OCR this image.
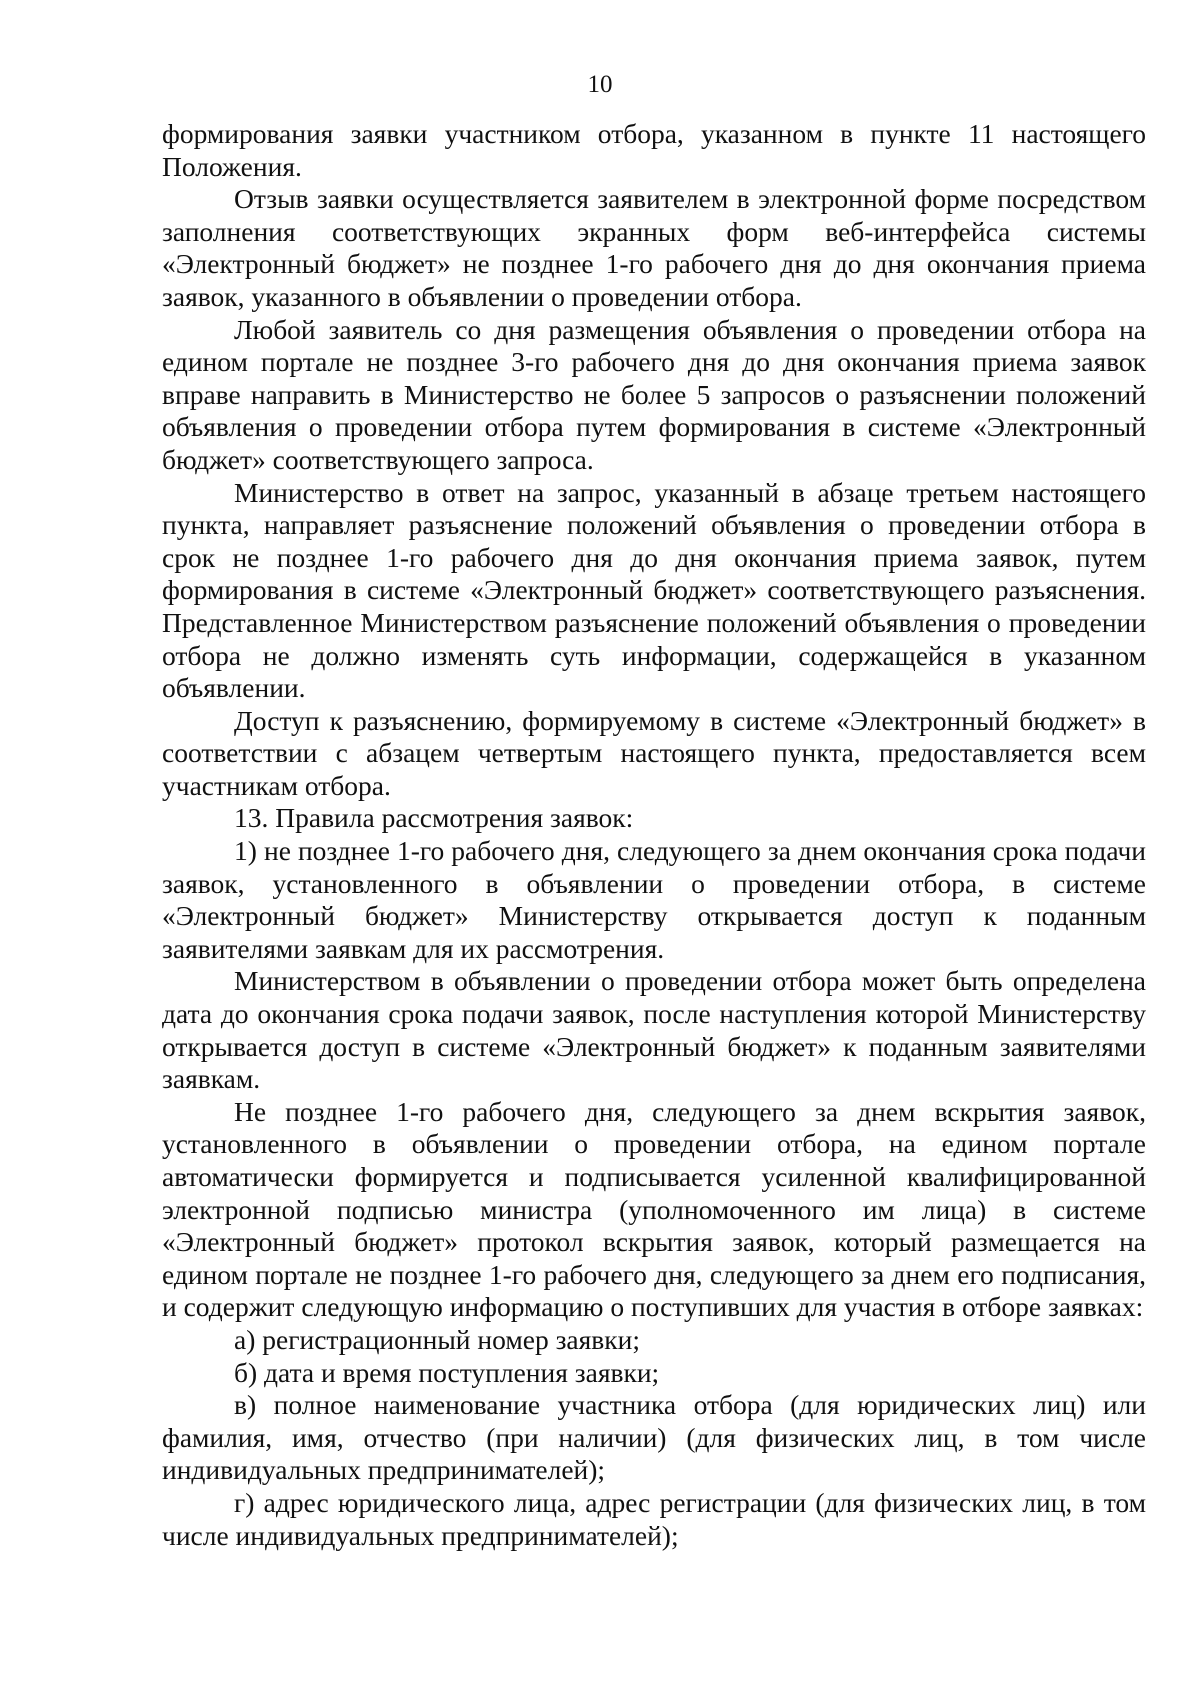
10

формирования заявки участником отбора, указанном в пункте 11 настоящего Положения.

Отзыв заявки осуществляется заявителем в электронной форме посредством заполнения соответствующих экранных форм веб-интерфейса системы «Электронный бюджет» не позднее 1-го рабочего дня до дня окончания приема заявок, указанного в объявлении о проведении отбора.

Любой заявитель со дня размещения объявления о проведении отбора на едином портале не позднее 3-го рабочего дня до дня окончания приема заявок вправе направить в Министерство не более 5 запросов о разъяснении положений объявления о проведении отбора путем формирования в системе «Электронный бюджет» соответствующего запроса.

Министерство в ответ на запрос, указанный в абзаце третьем настоящего пункта, направляет разъяснение положений объявления о проведении отбора в срок не позднее 1-го рабочего дня до дня окончания приема заявок, путем формирования в системе «Электронный бюджет» соответствующего разъяснения. Представленное Министерством разъяснение положений объявления о проведении отбора не должно изменять суть информации, содержащейся в указанном объявлении.

Доступ к разъяснению, формируемому в системе «Электронный бюджет» в соответствии с абзацем четвертым настоящего пункта, предоставляется всем участникам отбора.

13. Правила рассмотрения заявок:

1) не позднее 1-го рабочего дня, следующего за днем окончания срока подачи заявок, установленного в объявлении о проведении отбора, в системе «Электронный бюджет» Министерству открывается доступ к поданным заявителями заявкам для их рассмотрения.

Министерством в объявлении о проведении отбора может быть определена дата до окончания срока подачи заявок, после наступления которой Министерству открывается доступ в системе «Электронный бюджет» к поданным заявителями заявкам.

Не позднее 1-го рабочего дня, следующего за днем вскрытия заявок, установленного в объявлении о проведении отбора, на едином портале автоматически формируется и подписывается усиленной квалифицированной электронной подписью министра (уполномоченного им лица) в системе «Электронный бюджет» протокол вскрытия заявок, который размещается на едином портале не позднее 1-го рабочего дня, следующего за днем его подписания, и содержит следующую информацию о поступивших для участия в отборе заявках:

а) регистрационный номер заявки;

б) дата и время поступления заявки;

в) полное наименование участника отбора (для юридических лиц) или фамилия, имя, отчество (при наличии) (для физических лиц, в том числе индивидуальных предпринимателей);

г) адрес юридического лица, адрес регистрации (для физических лиц, в том числе индивидуальных предпринимателей);
